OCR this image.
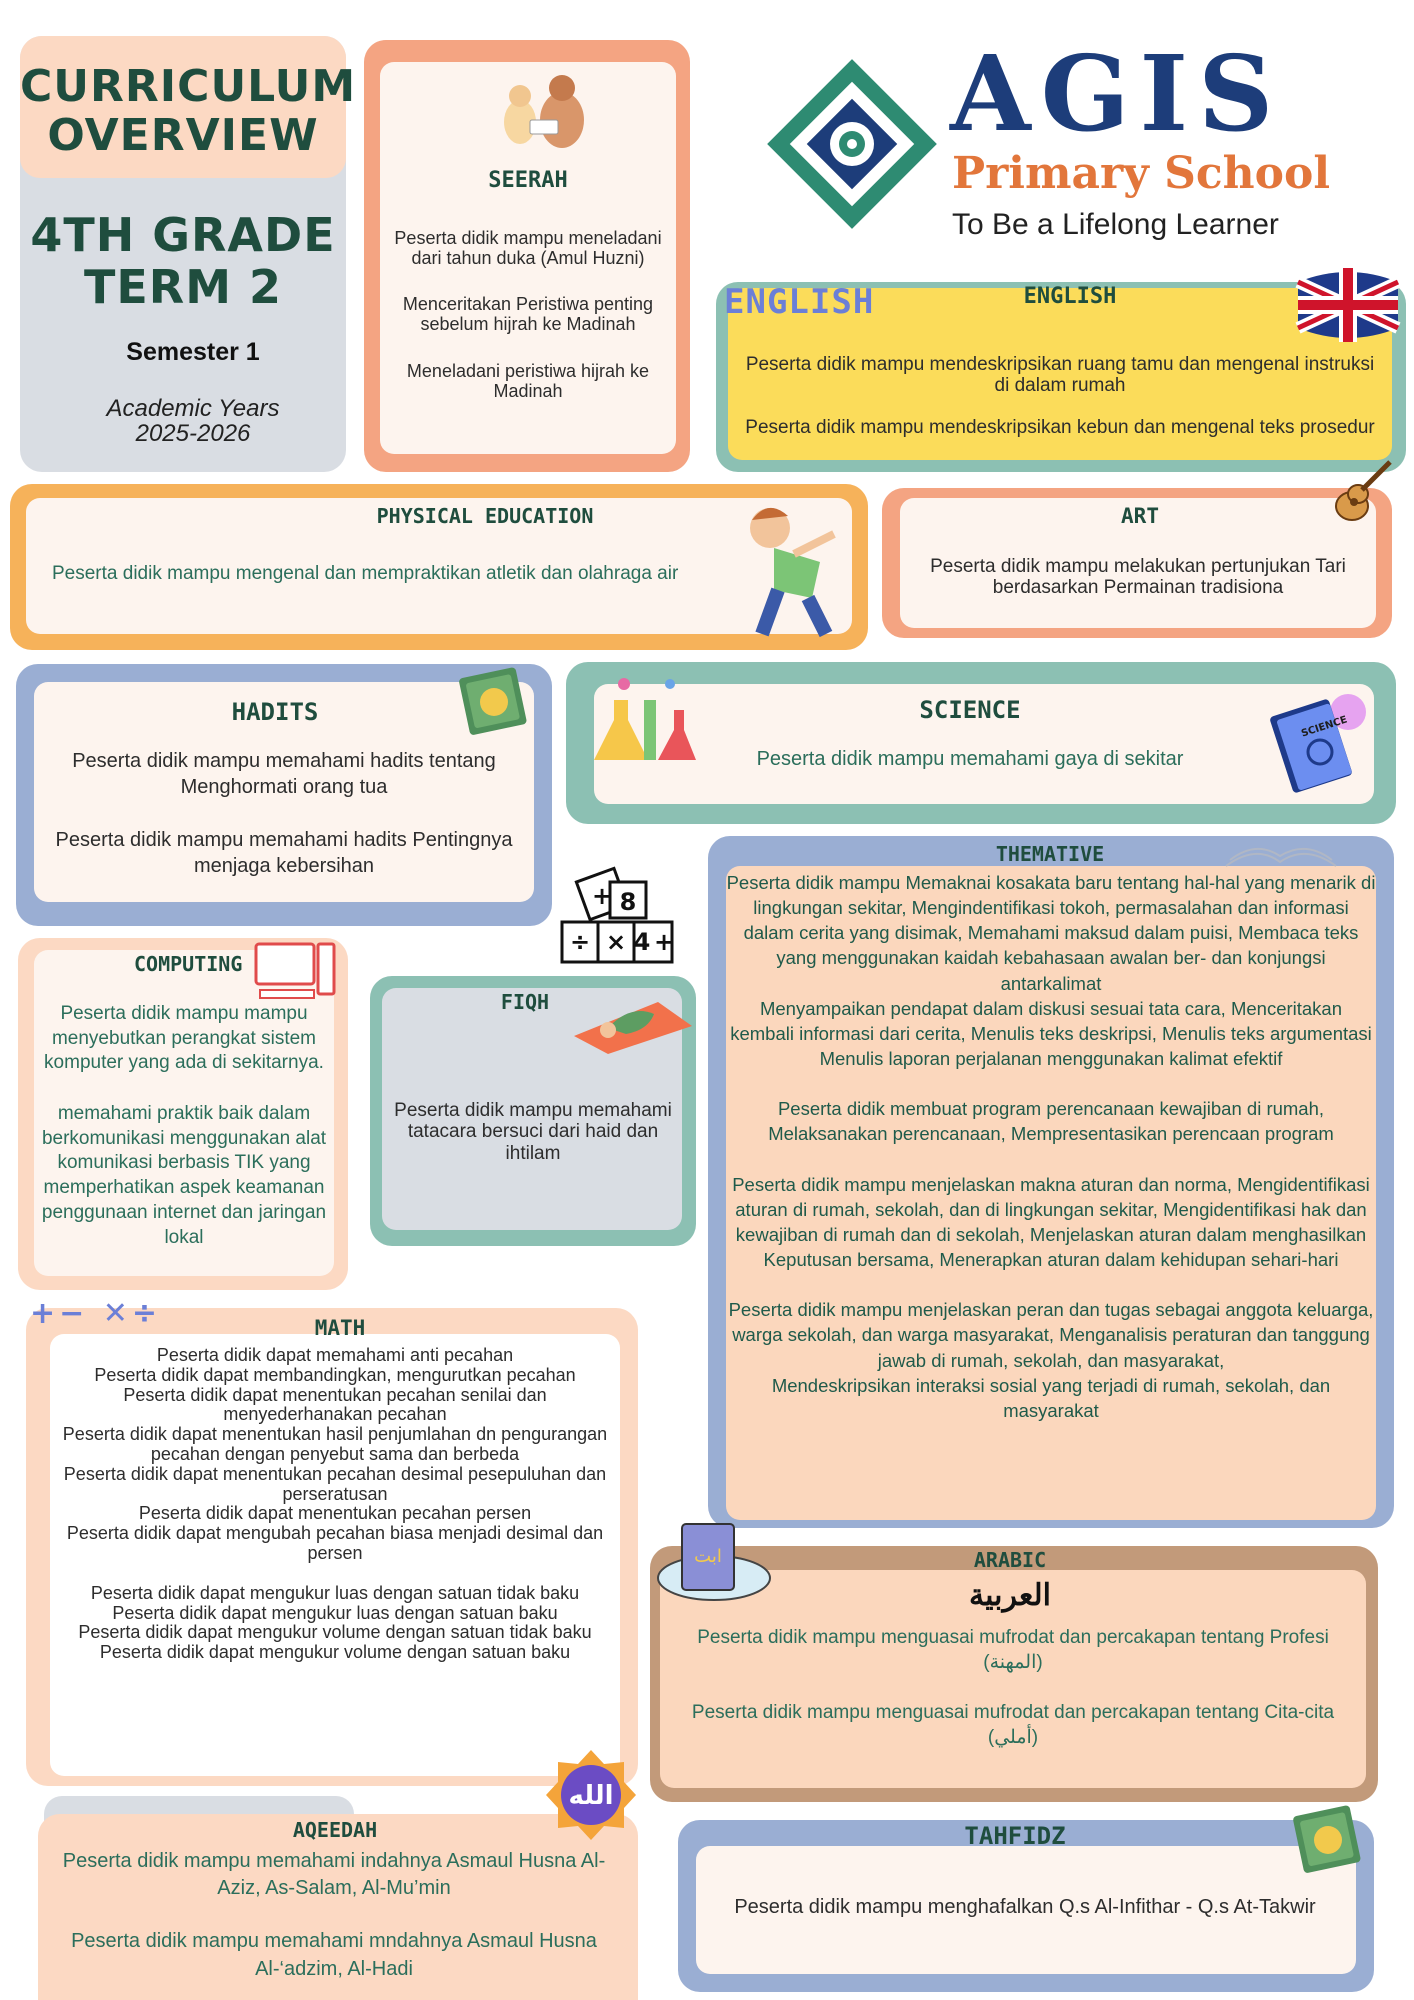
CURRICULUM
OVERVIEW
4TH GRADE
TERM 2
Semester 1
Academic Years
2025-2026
SEERAH
Peserta didik mampu meneladani dari tahun duka (Amul Huzni)
Menceritakan Peristiwa penting sebelum hijrah ke Madinah
Meneladani peristiwa hijrah ke Madinah
AGIS
Primary School
To Be a Lifelong Learner
ENGLISH	ENGLISH
Peserta didik mampu mendeskripsikan ruang tamu dan mengenal instruksi di dalam rumah
Peserta didik mampu mendeskripsikan kebun dan mengenal teks prosedur
PHYSICAL EDUCATION
Peserta didik mampu mengenal dan mempraktikan atletik dan olahraga air
ART
Peserta didik mampu melakukan pertunjukan Tari berdasarkan Permainan tradisiona
HADITS
Peserta didik mampu memahami hadits tentang Menghormati orang tua
Peserta didik mampu memahami hadits Pentingnya menjaga kebersihan
SCIENCE
Peserta didik mampu memahami gaya di sekitar
SCIENCE
+ 8
÷ × 4 +
THEMATIVE
Peserta didik mampu Memaknai kosakata baru tentang hal-hal yang menarik di lingkungan sekitar, Mengindentifikasi tokoh, permasalahan dan informasi dalam cerita yang disimak, Memahami maksud dalam puisi, Membaca teks yang menggunakan kaidah kebahasaan awalan ber- dan konjungsi antarkalimat
Menyampaikan pendapat dalam diskusi sesuai tata cara, Menceritakan kembali informasi dari cerita, Menulis teks deskripsi, Menulis teks argumentasi
Menulis laporan perjalanan menggunakan kalimat efektif
Peserta didik membuat program perencanaan kewajiban di rumah, Melaksanakan perencanaan, Mempresentasikan perencaan program
Peserta didik mampu menjelaskan makna aturan dan norma, Mengidentifikasi aturan di rumah, sekolah, dan di lingkungan sekitar, Mengidentifikasi hak dan kewajiban di rumah dan di sekolah, Menjelaskan aturan dalam menghasilkan Keputusan bersama, Menerapkan aturan dalam kehidupan sehari-hari
Peserta didik mampu menjelaskan peran dan tugas sebagai anggota keluarga, warga sekolah, dan warga masyarakat, Menganalisis peraturan dan tanggung jawab di rumah, sekolah, dan masyarakat,
Mendeskripsikan interaksi sosial yang terjadi di rumah, sekolah, dan masyarakat
COMPUTING
Peserta didik mampu mampu menyebutkan perangkat sistem komputer yang ada di sekitarnya.
memahami praktik baik dalam berkomunikasi menggunakan alat komunikasi berbasis TIK yang memperhatikan aspek keamanan penggunaan internet dan jaringan lokal
FIQH
Peserta didik mampu memahami tatacara bersuci dari haid dan ihtilam
+− ✕÷	MATH
Peserta didik dapat memahami anti pecahan
Peserta didik dapat membandingkan, mengurutkan pecahan
Peserta didik dapat menentukan pecahan senilai dan menyederhanakan pecahan
Peserta didik dapat menentukan hasil penjumlahan dn pengurangan pecahan dengan penyebut sama dan berbeda
Peserta didik dapat menentukan pecahan desimal pesepuluhan dan perseratusan
Peserta didik dapat menentukan pecahan persen
Peserta didik dapat mengubah pecahan biasa menjadi desimal dan persen
Peserta didik dapat mengukur luas dengan satuan tidak baku
Peserta didik dapat mengukur luas dengan satuan baku
Peserta didik dapat mengukur volume dengan satuan tidak baku
Peserta didik dapat mengukur volume dengan satuan baku
ابت	ARABIC
العربية
Peserta didik mampu menguasai mufrodat dan percakapan tentang Profesi (المهنة)
Peserta didik mampu menguasai mufrodat dan percakapan tentang Cita-cita (أملي)
الله
AQEEDAH
Peserta didik mampu memahami indahnya Asmaul Husna Al-Aziz, As-Salam, Al-Mu’min
Peserta didik mampu memahami mndahnya Asmaul Husna Al-‘adzim, Al-Hadi
TAHFIDZ
Peserta didik mampu menghafalkan Q.s Al-Infithar - Q.s At-Takwir
